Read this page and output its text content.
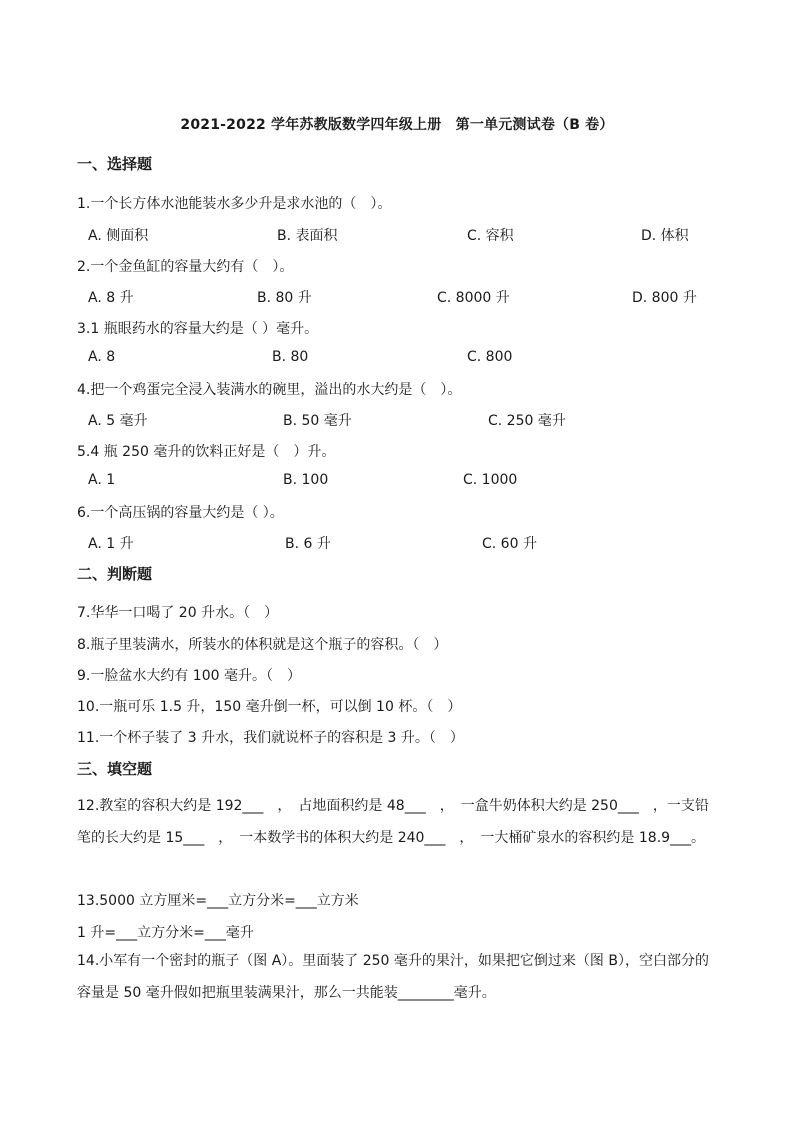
2021-2022 学年苏教版数学四年级上册　第一单元测试卷（B 卷）
一、选择题
1.一个长方体水池能装水多少升是求水池的（　）。
A. 侧面积	B. 表面积	C. 容积	D. 体积
2.一个金鱼缸的容量大约有（　）。
A. 8 升	B. 80 升	C. 8000 升	D. 800 升
3.1 瓶眼药水的容量大约是（ ）毫升。
A. 8	B. 80	C. 800
4.把一个鸡蛋完全浸入装满水的碗里，溢出的水大约是（　）。
A. 5 毫升	B. 50 毫升	C. 250 毫升
5.4 瓶 250 毫升的饮料正好是（　）升。
A. 1	B. 100	C. 1000
6.一个高压锅的容量大约是（ ）。
A. 1 升	B. 6 升	C. 60 升
二、判断题
7.华华一口喝了 20 升水。（　）
8.瓶子里装满水，所装水的体积就是这个瓶子的容积。（　）
9.一脸盆水大约有 100 毫升。（　）
10.一瓶可乐 1.5 升，150 毫升倒一杯，可以倒 10 杯。（　）
11.一个杯子装了 3 升水，我们就说杯子的容积是 3 升。（　）
三、填空题
12.教室的容积大约是 192___　，　占地面积约是 48___　，　一盒牛奶体积大约是 250___　，一支铅笔的长大约是 15___　，　一本数学书的体积大约是 240___　，　一大桶矿泉水的容积约是 18.9___。
13.5000 立方厘米=___立方分米=___立方米
1 升=___立方分米=___毫升
14.小军有一个密封的瓶子（图 A）。里面装了 250 毫升的果汁，如果把它倒过来（图 B），空白部分的容量是 50 毫升假如把瓶里装满果汁，那么一共能装________毫升。
